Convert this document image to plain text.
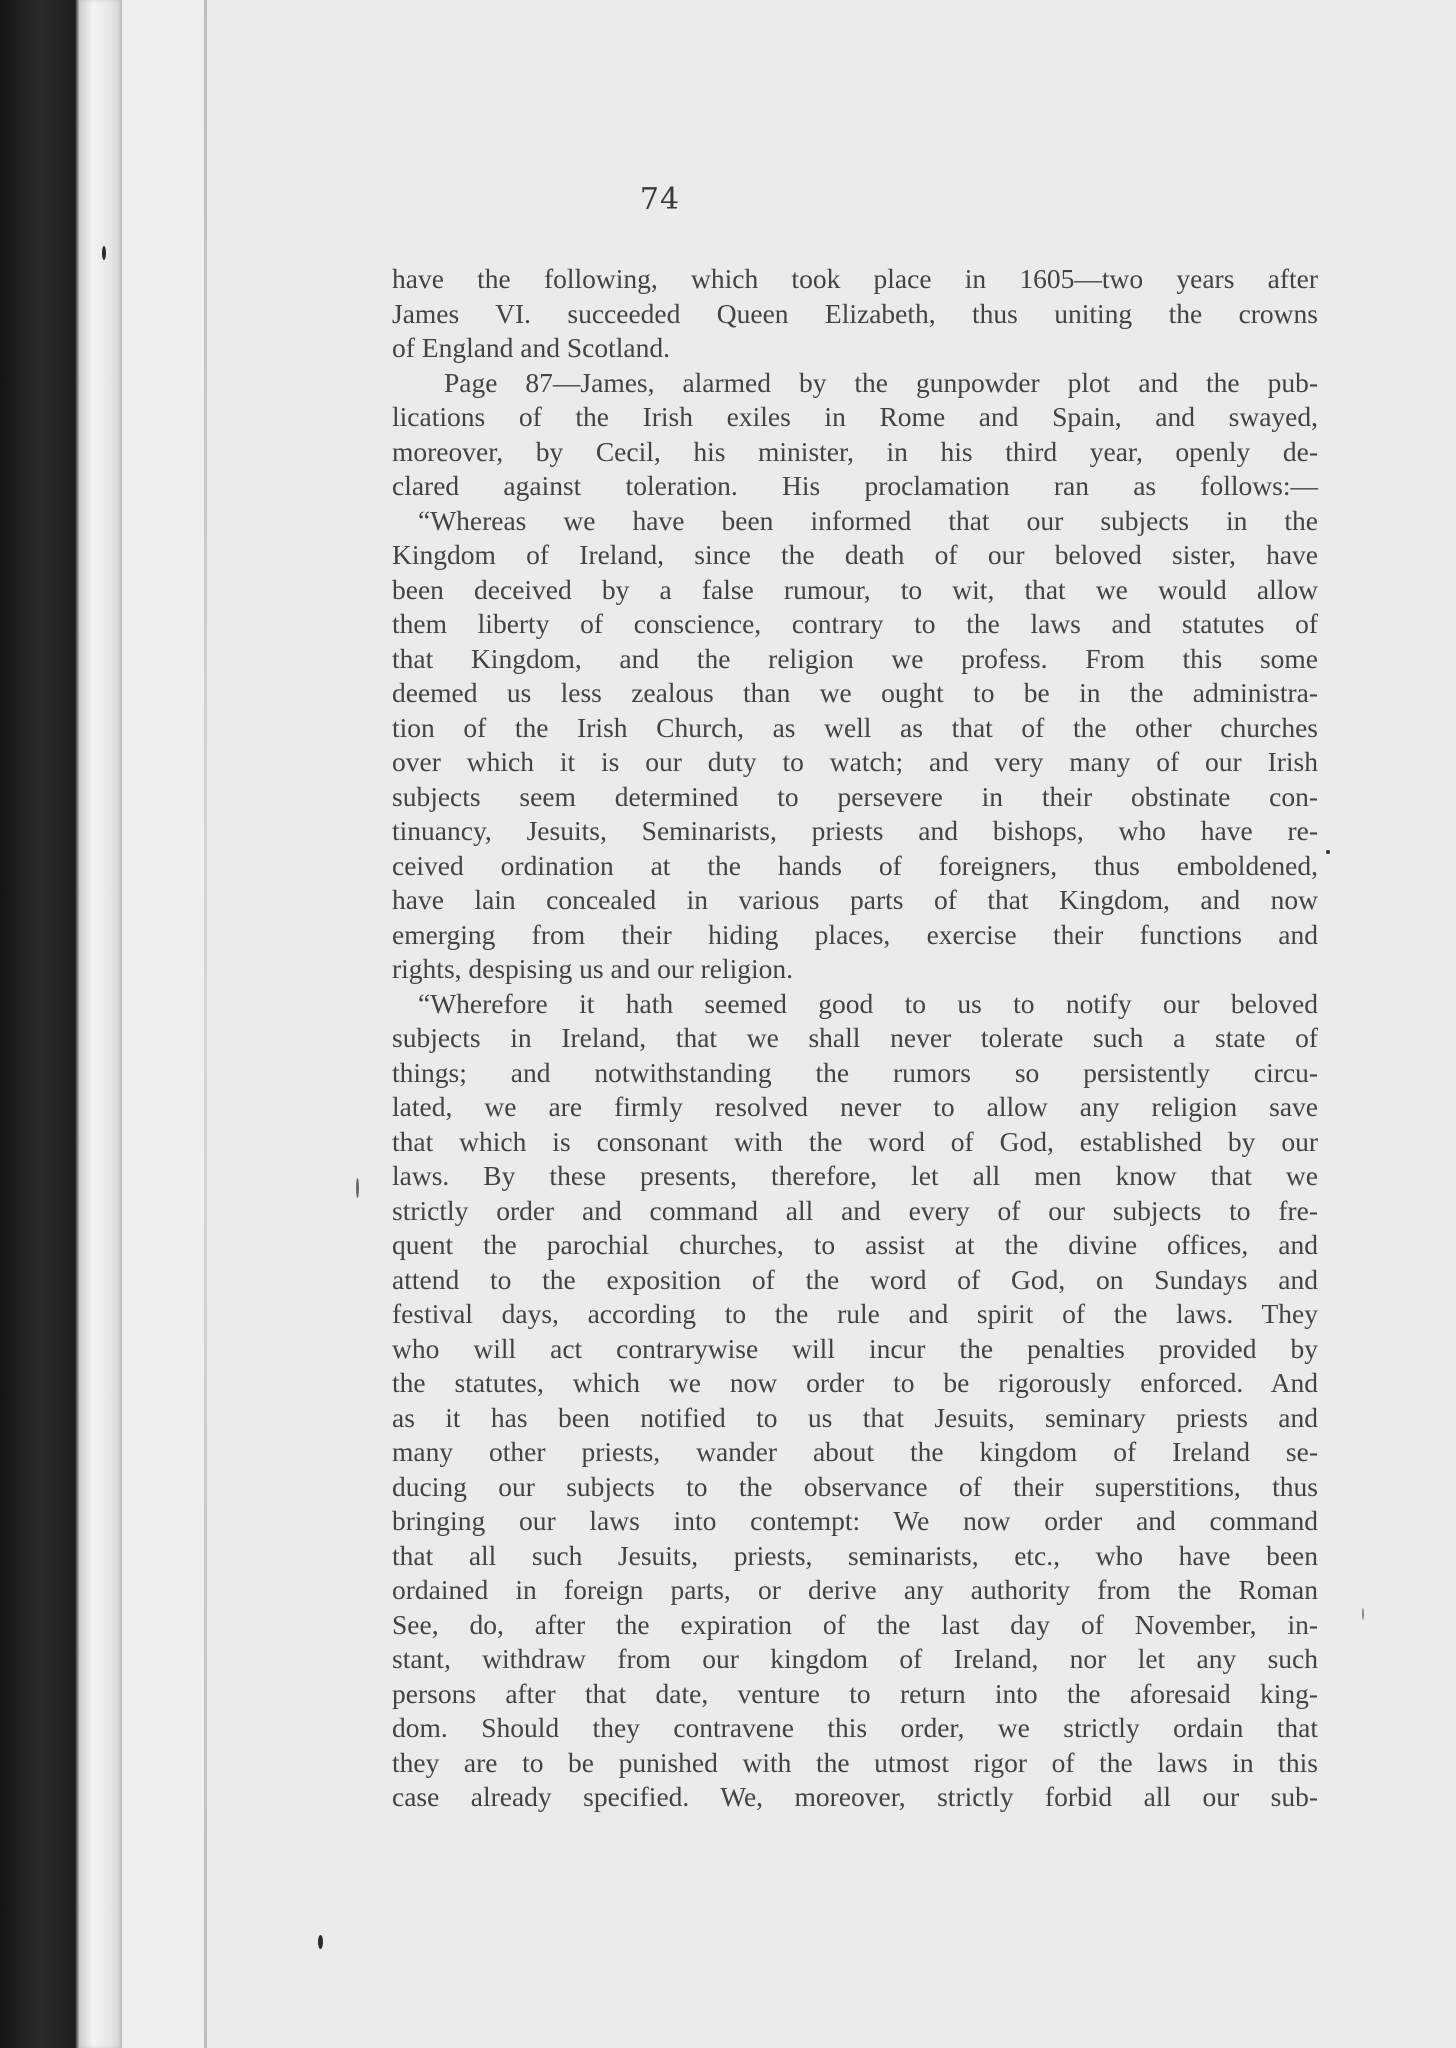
74
have the following, which took place in 1605—two years after
James VI. succeeded Queen Elizabeth, thus uniting the crowns
of England and Scotland.
Page 87—James, alarmed by the gunpowder plot and the pub-
lications of the Irish exiles in Rome and Spain, and swayed,
moreover, by Cecil, his minister, in his third year, openly de-
clared against toleration. His proclamation ran as follows:—
“Whereas we have been informed that our subjects in the
Kingdom of Ireland, since the death of our beloved sister, have
been deceived by a false rumour, to wit, that we would allow
them liberty of conscience, contrary to the laws and statutes of
that Kingdom, and the religion we profess. From this some
deemed us less zealous than we ought to be in the administra-
tion of the Irish Church, as well as that of the other churches
over which it is our duty to watch; and very many of our Irish
subjects seem determined to persevere in their obstinate con-
tinuancy, Jesuits, Seminarists, priests and bishops, who have re-
ceived ordination at the hands of foreigners, thus emboldened,
have lain concealed in various parts of that Kingdom, and now
emerging from their hiding places, exercise their functions and
rights, despising us and our religion.
“Wherefore it hath seemed good to us to notify our beloved
subjects in Ireland, that we shall never tolerate such a state of
things; and notwithstanding the rumors so persistently circu-
lated, we are firmly resolved never to allow any religion save
that which is consonant with the word of God, established by our
laws. By these presents, therefore, let all men know that we
strictly order and command all and every of our subjects to fre-
quent the parochial churches, to assist at the divine offices, and
attend to the exposition of the word of God, on Sundays and
festival days, according to the rule and spirit of the laws. They
who will act contrarywise will incur the penalties provided by
the statutes, which we now order to be rigorously enforced. And
as it has been notified to us that Jesuits, seminary priests and
many other priests, wander about the kingdom of Ireland se-
ducing our subjects to the observance of their superstitions, thus
bringing our laws into contempt: We now order and command
that all such Jesuits, priests, seminarists, etc., who have been
ordained in foreign parts, or derive any authority from the Roman
See, do, after the expiration of the last day of November, in-
stant, withdraw from our kingdom of Ireland, nor let any such
persons after that date, venture to return into the aforesaid king-
dom. Should they contravene this order, we strictly ordain that
they are to be punished with the utmost rigor of the laws in this
case already specified. We, moreover, strictly forbid all our sub-
